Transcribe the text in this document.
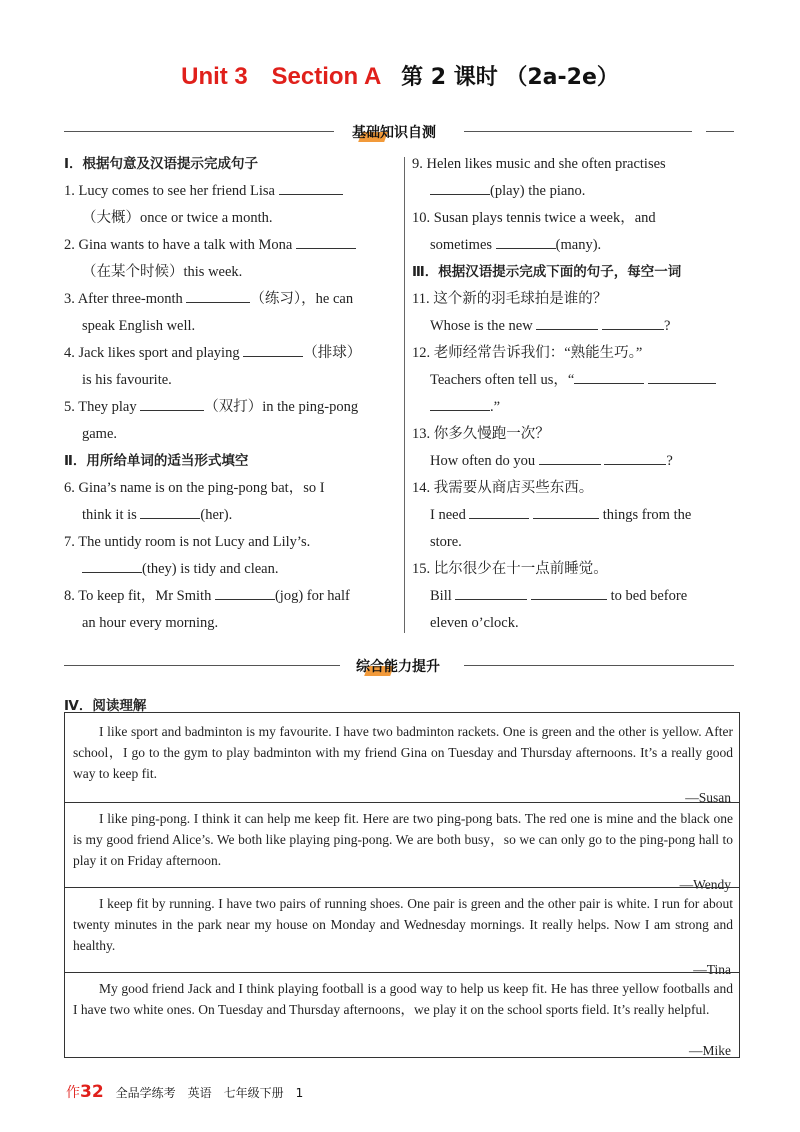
Unit 3 Section A 第 2 课时 （2a-2e）
基础知识自测
Ⅰ．根据句意及汉语提示完成句子
1. Lucy comes to see her friend Lisa
（大概）once or twice a month.
2. Gina wants to have a talk with Mona
（在某个时候）this week.
3. After three-month	（练习），he can
speak English well.
4. Jack likes sport and playing	（排球）
is his favourite.
5. They play	（双打）in the ping-pong
game.
Ⅱ．用所给单词的适当形式填空
6. Gina’s name is on the ping-pong bat，so I
think it is	(her).
7. The untidy room is not Lucy and Lily’s.
(they) is tidy and clean.
8. To keep fit，Mr Smith	(jog) for half
an hour every morning.
9. Helen likes music and she often practises
(play) the piano.
10. Susan plays tennis twice a week，and
sometimes	(many).
Ⅲ．根据汉语提示完成下面的句子，每空一词
11. 这个新的羽毛球拍是谁的？
Whose is the new	?
12. 老师经常告诉我们：“熟能生巧。”
Teachers often tell us，“
.”
13. 你多久慢跑一次？
How often do you	?
14. 我需要从商店买些东西。
I need	things from the
store.
15. 比尔很少在十一点前睡觉。
Bill	to bed before
eleven o’clock.
综合能力提升
Ⅳ．阅读理解
I like sport and badminton is my favourite. I have two badminton rackets. One is green and the other is yellow. After school，I go to the gym to play badminton with my friend Gina on Tuesday and Thursday afternoons. It’s a really good way to keep fit.
—Susan
I like ping-pong. I think it can help me keep fit. Here are two ping-pong bats. The red one is mine and the black one is my good friend Alice’s. We both like playing ping-pong. We are both busy，so we can only go to the ping-pong hall to play it on Friday afternoon.
—Wendy
I keep fit by running. I have two pairs of running shoes. One pair is green and the other pair is white. I run for about twenty minutes in the park near my house on Monday and Wednesday mornings. It really helps. Now I am strong and healthy.
—Tina
My good friend Jack and I think playing football is a good way to help us keep fit. He has three yellow footballs and I have two white ones. On Tuesday and Thursday afternoons，we play it on the school sports field. It’s really helpful.
—Mike
作32 全品学练考　英语　七年级下册　1
